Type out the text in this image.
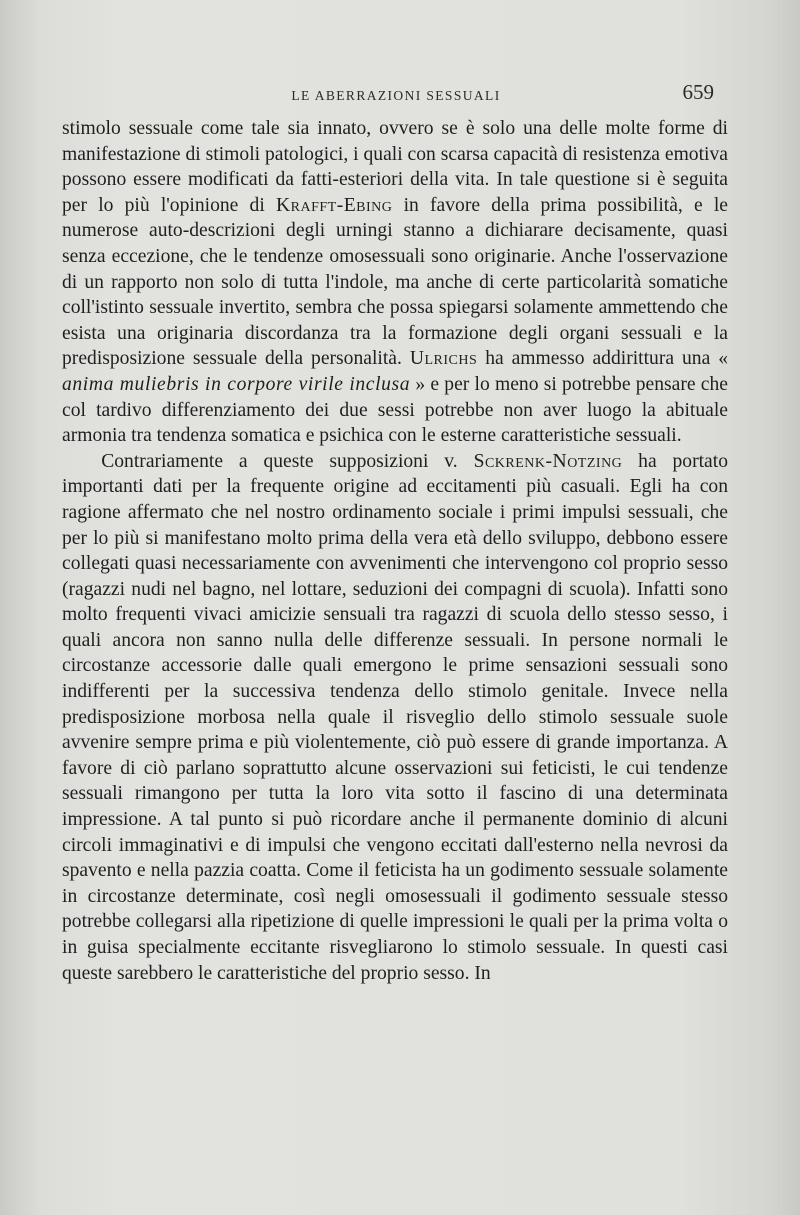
LE ABERRAZIONI SESSUALI	659

stimolo sessuale come tale sia innato, ovvero se è solo una delle molte forme di manifestazione di stimoli patologici, i quali con scarsa capacità di resistenza emotiva possono essere modificati da fatti-esteriori della vita. In tale questione si è seguita per lo più l'opinione di Krafft-Ebing in favore della prima possibilità, e le numerose auto-descrizioni degli urningi stanno a dichiarare decisamente, quasi senza eccezione, che le tendenze omosessuali sono originarie. Anche l'osservazione di un rapporto non solo di tutta l'indole, ma anche di certe particolarità somatiche coll'istinto sessuale invertito, sembra che possa spiegarsi solamente ammettendo che esista una originaria discordanza tra la formazione degli organi sessuali e la predisposizione sessuale della personalità. Ulrichs ha ammesso addirittura una « anima muliebris in corpore virile inclusa » e per lo meno si potrebbe pensare che col tardivo differenziamento dei due sessi potrebbe non aver luogo la abituale armonia tra tendenza somatica e psichica con le esterne caratteristiche sessuali.

Contrariamente a queste supposizioni v. Sckrenk-Notzing ha portato importanti dati per la frequente origine ad eccitamenti più casuali. Egli ha con ragione affermato che nel nostro ordinamento sociale i primi impulsi sessuali, che per lo più si manifestano molto prima della vera età dello sviluppo, debbono essere collegati quasi necessariamente con avvenimenti che intervengono col proprio sesso (ragazzi nudi nel bagno, nel lottare, seduzioni dei compagni di scuola). Infatti sono molto frequenti vivaci amicizie sensuali tra ragazzi di scuola dello stesso sesso, i quali ancora non sanno nulla delle differenze sessuali. In persone normali le circostanze accessorie dalle quali emergono le prime sensazioni sessuali sono indifferenti per la successiva tendenza dello stimolo genitale. Invece nella predisposizione morbosa nella quale il risveglio dello stimolo sessuale suole avvenire sempre prima e più violentemente, ciò può essere di grande importanza. A favore di ciò parlano soprattutto alcune osservazioni sui feticisti, le cui tendenze sessuali rimangono per tutta la loro vita sotto il fascino di una determinata impressione. A tal punto si può ricordare anche il permanente dominio di alcuni circoli immaginativi e di impulsi che vengono eccitati dall'esterno nella nevrosi da spavento e nella pazzia coatta. Come il feticista ha un godimento sessuale solamente in circostanze determinate, così negli omosessuali il godimento sessuale stesso potrebbe collegarsi alla ripetizione di quelle impressioni le quali per la prima volta o in guisa specialmente eccitante risvegliarono lo stimolo sessuale. In questi casi queste sarebbero le caratteristiche del proprio sesso. In
